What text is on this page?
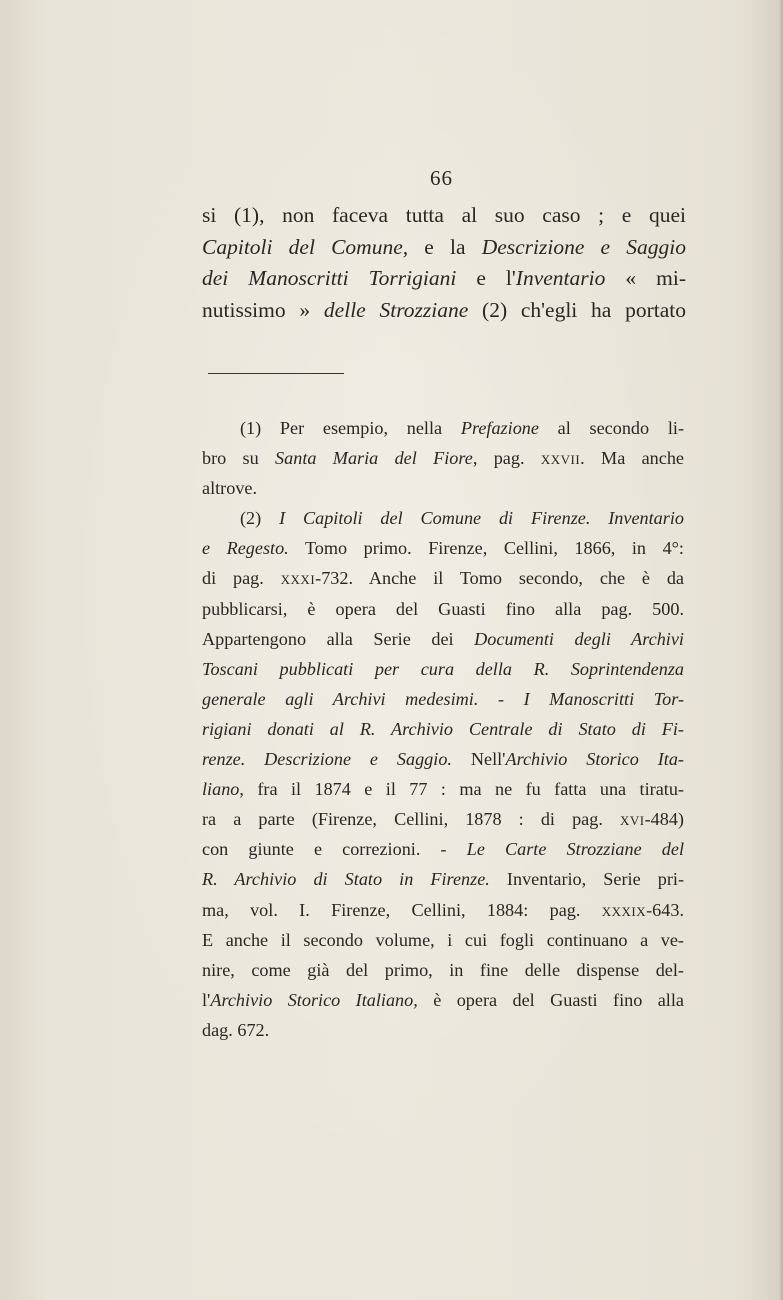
66
si (1), non faceva tutta al suo caso ; e quei
Capitoli del Comune, e la Descrizione e Saggio
dei Manoscritti Torrigiani e l'Inventario « mi-
nutissimo » delle Strozziane (2) ch'egli ha portato
(1) Per esempio, nella Prefazione al secondo li-
bro su Santa Maria del Fiore, pag. xxvii. Ma anche
altrove.
(2) I Capitoli del Comune di Firenze. Inventario
e Regesto. Tomo primo. Firenze, Cellini, 1866, in 4°:
di pag. xxxi-732. Anche il Tomo secondo, che è da
pubblicarsi, è opera del Guasti fino alla pag. 500.
Appartengono alla Serie dei Documenti degli Archivi
Toscani pubblicati per cura della R. Soprintendenza
generale agli Archivi medesimi. - I Manoscritti Tor-
rigiani donati al R. Archivio Centrale di Stato di Fi-
renze. Descrizione e Saggio. Nell'Archivio Storico Ita-
liano, fra il 1874 e il 77 : ma ne fu fatta una tiratu-
ra a parte (Firenze, Cellini, 1878 : di pag. xvi-484)
con giunte e correzioni. - Le Carte Strozziane del
R. Archivio di Stato in Firenze. Inventario, Serie pri-
ma, vol. I. Firenze, Cellini, 1884: pag. xxxix-643.
E anche il secondo volume, i cui fogli continuano a ve-
nire, come già del primo, in fine delle dispense del-
l'Archivio Storico Italiano, è opera del Guasti fino alla
dag. 672.
